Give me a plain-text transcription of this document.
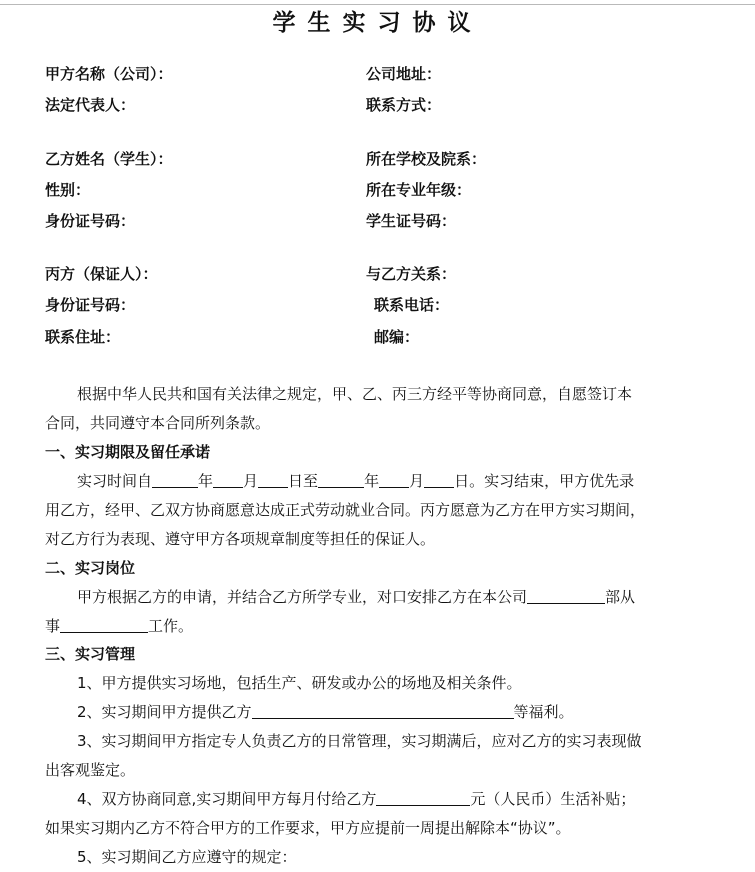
学生实习协议
甲方名称（公司）：	公司地址：
法定代表人：	联系方式：
乙方姓名（学生）：	所在学校及院系：
性别：	所在专业年级：
身份证号码：	学生证号码：
丙方（保证人）：	与乙方关系：
身份证号码：	联系电话：
联系住址：	邮编：
根据中华人民共和国有关法律之规定，甲、乙、丙三方经平等协商同意，自愿签订本
合同，共同遵守本合同所列条款。
一、实习期限及留任承诺
实习时间自	年 月 日至	年 月 日。实习结束，甲方优先录
用乙方，经甲、乙双方协商愿意达成正式劳动就业合同。丙方愿意为乙方在甲方实习期间，
对乙方行为表现、遵守甲方各项规章制度等担任的保证人。
二、实习岗位
甲方根据乙方的申请，并结合乙方所学专业，对口安排乙方在本公司	部从
事	工作。
三、实习管理
1、甲方提供实习场地，包括生产、研发或办公的场地及相关条件。
2、实习期间甲方提供乙方	等福利。
3、实习期间甲方指定专人负责乙方的日常管理，实习期满后，应对乙方的实习表现做
出客观鉴定。
4、双方协商同意,实习期间甲方每月付给乙方	元（人民币）生活补贴；
如果实习期内乙方不符合甲方的工作要求，甲方应提前一周提出解除本“协议”。
5、实习期间乙方应遵守的规定：
